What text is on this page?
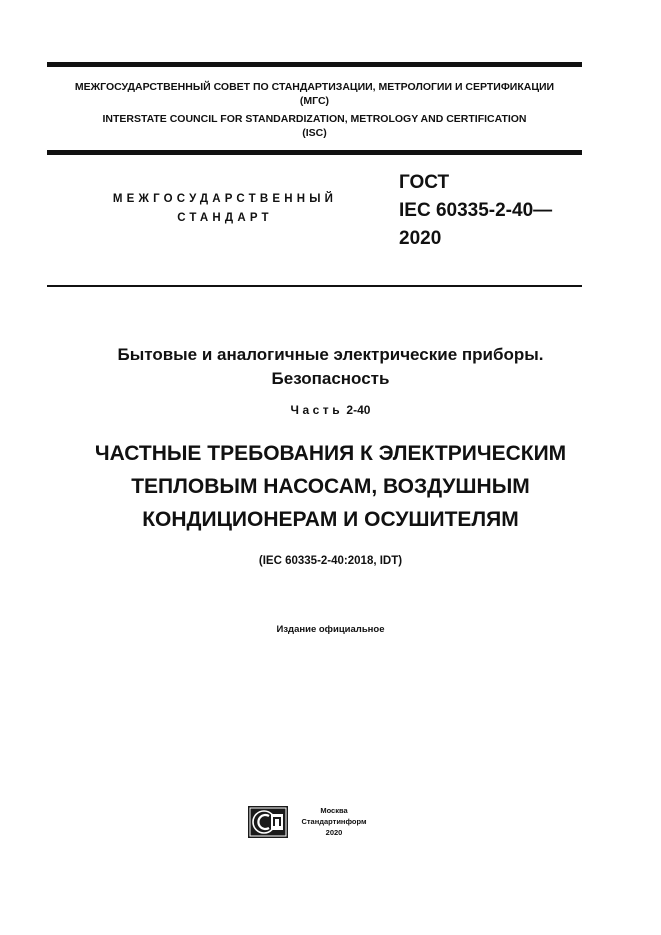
МЕЖГОСУДАРСТВЕННЫЙ СОВЕТ ПО СТАНДАРТИЗАЦИИ, МЕТРОЛОГИИ И СЕРТИФИКАЦИИ
(МГС)
INTERSTATE COUNCIL FOR STANDARDIZATION, METROLOGY AND CERTIFICATION
(ISC)
МЕЖГОСУДАРСТВЕННЫЙ
СТАНДАРТ
ГОСТ
IEC 60335-2-40—
2020
Бытовые и аналогичные электрические приборы.
Безопасность
Часть 2-40
ЧАСТНЫЕ ТРЕБОВАНИЯ К ЭЛЕКТРИЧЕСКИМ
ТЕПЛОВЫМ НАСОСАМ, ВОЗДУШНЫМ
КОНДИЦИОНЕРАМ И ОСУШИТЕЛЯМ
(IEC 60335-2-40:2018, IDT)
Издание официальное
Москва
Стандартинформ
2020
